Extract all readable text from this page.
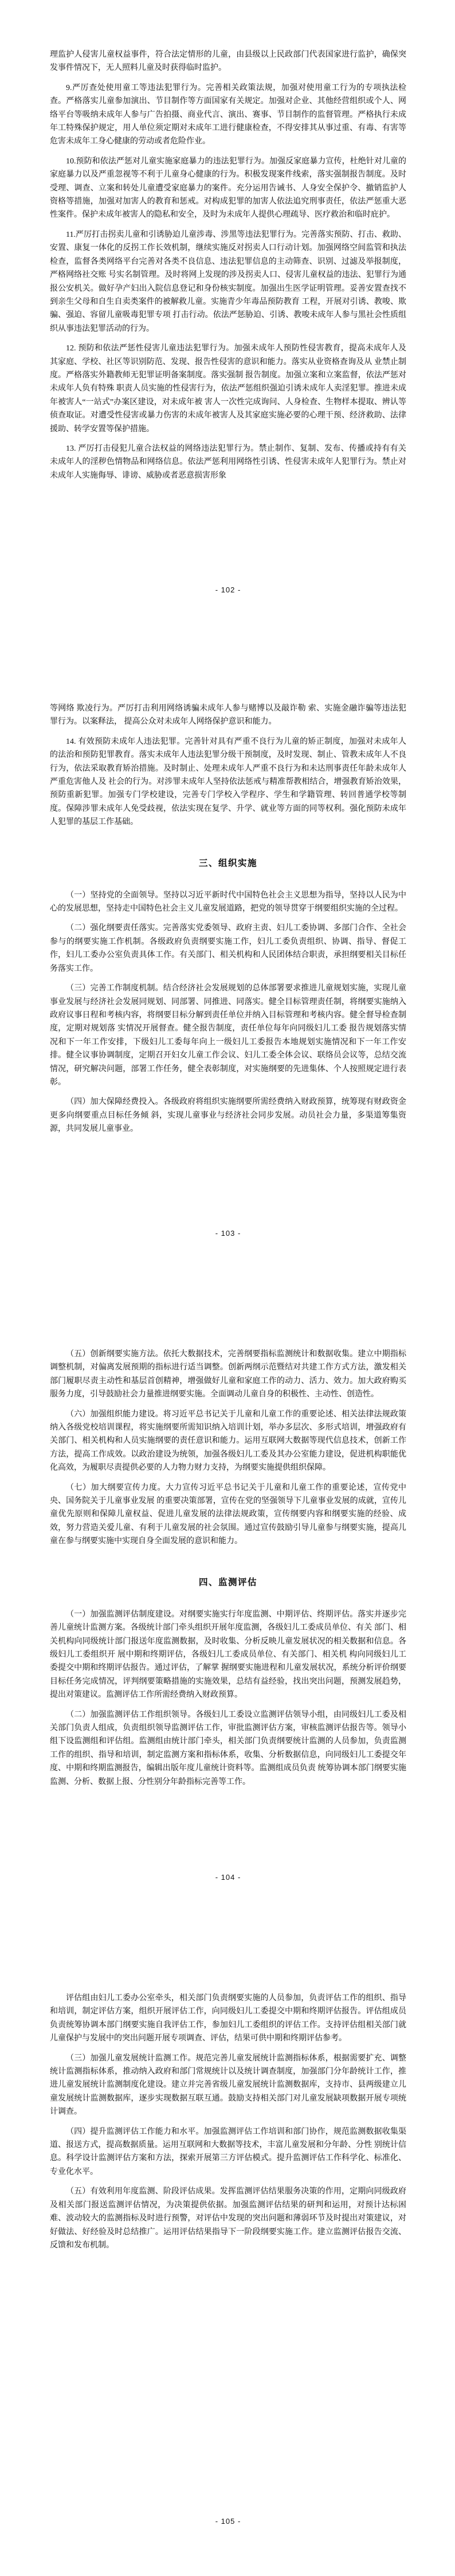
理监护人侵害儿童权益事件，符合法定情形的儿童，由县级以上民政部门代表国家进行监护，确保突发事件情况下，无人照料儿童及时获得临时监护。

9.严厉查处使用童工等违法犯罪行为。完善相关政策法规，加强对使用童工行为的专项执法检查。严格落实儿童参加演出、节目制作等方面国家有关规定。加强对企业、其他经营组织或个人、网络平台等吸纳未成年人参与广告拍摄、商业代言、演出、赛事、节目制作的监督管理。严格执行未成年工特殊保护规定，用人单位须定期对未成年工进行健康检查，不得安排其从事过重、有毒、有害等危害未成年工身心健康的劳动或者危险作业。

10.预防和依法严惩对儿童实施家庭暴力的违法犯罪行为。加强反家庭暴力宣传，杜绝针对儿童的家庭暴力以及严重忽视等不利于儿童身心健康的行为。积极发现案件线索，落实强制报告制度。及时受理、调查、立案和转处儿童遭受家庭暴力的案件。充分运用告诫书、人身安全保护令、撤销监护人资格等措施，加强对加害人的教育和惩戒。对构成犯罪的加害人依法追究刑事责任，依法严惩重大恶性案件。保护未成年被害人的隐私和安全，及时为未成年人提供心理疏导、医疗救治和临时庇护。

11.严厉打击拐卖儿童和引诱胁迫儿童涉毒、涉黑等违法犯罪行为。完善落实预防、打击、救助、安置、康复一体化的反拐工作长效机制，继续实施反对拐卖人口行动计划。加强网络空间监管和执法检查，监督各类网络平台完善对各类不良信息、违法犯罪信息的主动筛查、识别、过滤及举报制度，严格网络社交账 号实名制管理。及时将网上发现的涉及拐卖人口、侵害儿童权益的违法、犯罪行为通报公安机关。做好孕产妇出入院信息登记和身份核实制度。加强出生医学证明管理。妥善安置查找不到亲生父母和自生自卖类案件的被解救儿童。实施青少年毒品预防教育 工程，开展对引诱、教唆、欺骗、强迫、容留儿童吸毒犯罪专项 打击行动。依法严惩胁迫、引诱、教唆未成年人参与黑社会性质组织从事违法犯罪活动的行为。

12. 预防和依法严惩性侵害儿童违法犯罪行为。加强未成年人预防性侵害教育，提高未成年人及其家庭、学校、社区等识别防范、发现、报告性侵害的意识和能力。落实从业资格查询及从 业禁止制度。严格落实外籍教师无犯罪证明备案制度。落实强制 报告制度。加强立案和立案监督，依法严惩对未成年人负有特殊 职责人员实施的性侵害行为，依法严惩组织强迫引诱未成年人卖淫犯罪。推进未成年被害人“一站式”办案区建设，对未成年被 害人一次性完成询问、人身检查、生物样本提取、辨认等侦查取证。对遭受性侵害或暴力伤害的未成年被害人及其家庭实施必要的心理干预、经济救助、法律援助、转学安置等保护措施。

13. 严厉打击侵犯儿童合法权益的网络违法犯罪行为。禁止制作、复制、发布、传播或持有有关未成年人的淫秽色情物品和网络信息。依法严惩利用网络性引诱、性侵害未成年人犯罪行为。禁止对未成年人实施侮辱、诽谤、威胁或者恶意损害形象

- 102 -

等网络 欺凌行为。严厉打击利用网络诱骗未成年人参与赌博以及敲诈勒 索、实施金融诈骗等违法犯罪行为。以案释法， 提高公众对未成年人网络保护意识和能力。

14. 有效预防未成年人违法犯罪。完善针对具有严重不良行为儿童的矫正制度，加强对未成年人的法治和预防犯罪教育。落实未成年人违法犯罪分级干预制度，及时发现、制止、管教未成年人不良行为，依法采取教育矫治措施。及时制止、处理未成年人严重不良行为和未达刑事责任年龄未成年人严重危害他人及 社会的行为。对涉罪未成年人坚持依法惩戒与精准帮教相结合，增强教育矫治效果，预防重新犯罪。加强专门学校建设，完善专门学校入学程序、学生和学籍管理、转回普通学校等制度。保障涉罪未成年人免受歧视，依法实现在复学、升学、就业等方面的同等权利。强化预防未成年人犯罪的基层工作基础。

三、组织实施

（一）坚持党的全面领导。坚持以习近平新时代中国特色社会主义思想为指导，坚持以人民为中心的发展思想，坚持走中国特色社会主义儿童发展道路，把党的领导贯穿于纲要组织实施的全过程。

（二）强化纲要责任落实。完善落实党委领导、政府主责、妇儿工委协调、多部门合作、全社会参与的纲要实施工作机制。各级政府负责纲要实施工作，妇儿工委负责组织、协调、指导、督促工作，妇儿工委办公室负责具体工作。有关部门、相关机构和人民团体结合职责，承担纲要相关目标任务落实工作。

（三）完善工作制度机制。结合经济社会发展规划的总体部署要求推进儿童规划实施，实现儿童事业发展与经济社会发展同规划、同部署、同推进、同落实。健全目标管理责任制，将纲要实施纳入政府议事日程和考核内容，将纲要目标分解到责任单位并纳入目标管理和考核内容。健全督导检查制度，定期对规划落 实情况开展督查。健全报告制度，责任单位每年向同级妇儿工委 报告规划落实情况和下一年工作安排，下级妇儿工委每年向上一级妇儿工委报告本地规划实施情况和下一年工作安排。健全议事协调制度，定期召开妇女儿童工作会议、妇儿工委全体会议、联络员会议等，总结交流情况，研究解决问题，部署工作任务，健全表彰制度，对实施纲要的先进集体、个人按照规定进行表彰。

（四）加大保障经费投入。各级政府将组织实施纲要所需经费纳入财政预算，统筹现有财政资金更多向纲要重点目标任务倾 斜，实现儿童事业与经济社会同步发展。动员社会力量，多渠道筹集资源，共同发展儿童事业。

- 103 -

（五）创新纲要实施方法。依托大数据技术，完善纲要指标监测统计和数据收集。建立中期指标调整机制，对偏离发展预期的指标进行适当调整。创新两纲示范暨结对共建工作方式方法，激发相关部门履职尽责主动性和基层首创精神，增强做好儿童和家庭工作的动力、活力、效力。加大政府购买服务力度，引导鼓励社会力量推进纲要实施。全面调动儿童自身的积极性、主动性、创造性。

（六）加强组织能力建设。将习近平总书记关于儿童和儿童工作的重要论述、相关法律法规政策纳入各级党校培训课程，将实施纲要所需知识纳入培训计划，举办多层次、多形式培训，增强政府有关部门、相关机构和人员实施纲要的责任意识和能力。运用互联网大数据等现代信息技术，创新工作方法，提高工作成效。以政治建设为统领，加强各级妇儿工委及其办公室能力建设，促进机构职能优化高效，为履职尽责提供必要的人力物力财力支持，为纲要实施提供组织保障。

（七）加大纲要宣传力度。大力宣传习近平总书记关于儿童和儿童工作的重要论述，宣传党中央、国务院关于儿童事业发展 的重要决策部署，宣传在党的坚强领导下儿童事业发展的成就，宣传儿童优先原则和保障儿童权益、促进儿童发展的法律法规政策，宣传纲要内容和纲要实施的经验、成效，努力营造关爱儿童、有利于儿童发展的社会氛围。通过宣传鼓励引导儿童参与纲要实施，提高儿童在参与纲要实施中实现自身全面发展的意识和能力。

四、监测评估

（一）加强监测评估制度建设。对纲要实施实行年度监测、中期评估、终期评估。落实并逐步完善儿童统计监测方案。各级统计部门牵头组织开展年度监测，各级妇儿工委成员单位、有关 部门、相关机构向同级统计部门报送年度监测数据，及时收集、分析反映儿童发展状况的相关数据和信息。各级妇儿工委组织开 展中期和终期评估，各级妇儿工委成员单位、有关部门、相关机 构向同级妇儿工委提交中期和终期评估报告。通过评估，了解掌 握纲要实施进程和儿童发展状况，系统分析评价纲要目标任务完成情况，评判纲要策略措施的实施效果，总结有益经验，找出突出问题，预测发展趋势，提出对策建议。监测评估工作所需经费纳入财政预算。

（二）加强监测评估工作组织领导。各级妇儿工委设立监测评估领导小组，由同级妇儿工委及相关部门负责人组成，负责组织领导监测评估工作，审批监测评估方案，审核监测评估报告等。领导小组下设监测组和评估组。监测组由统计部门牵头，相关部门负责纲要统计监测的人员参加，负责监测工作的组织、指导和培训，制定监测方案和指标体系，收集、分析数据信息，向同级妇儿工委提交年度、中期和终期监测报告，编辑出版年度儿童统计资料等。监测组成员负责 统筹协调本部门纲要实施监测、分析、数据上报、分性别分年龄指标完善等工作。

- 104 -

评估组由妇儿工委办公室牵头，相关部门负责纲要实施的人员参加，负责评估工作的组织、指导和培训，制定评估方案，组织开展评估工作，向同级妇儿工委提交中期和终期评估报告。评估组成员负责统筹协调本部门纲要实施自我评估工作，参加妇儿工委组织的评估工作。支持评估组相关部门就儿童保护与发展中的突出问题开展专项调查、评估，结果可供中期和终期评估参考。

（三）加强儿童发展统计监测工作。规范完善儿童发展统计监测指标体系，根据需要扩充、调整统计监测指标体系，推动纳入政府和部门常规统计以及统计调查制度，加强部门分年龄统计工作，推进儿童发展统计监测制度化建设。建立并完善省级儿童发展统计监测数据库，支持市、县两级建立儿童发展统计监测数据库，逐步实现数据互联互通。鼓励支持相关部门对儿童发展缺项数据开展专项统计调查。

（四）提升监测评估工作能力和水平。加强监测评估工作培训和部门协作，规范监测数据收集渠道、报送方式，提高数据质量。运用互联网和大数据等技术，丰富儿童发展和分年龄、分性 别统计信息。科学设计监测评估方案和方法，探索开展第三方评估模式。提升监测评估工作科学化、标准化、专业化水平。

（五）有效利用年度监测、阶段评估成果。发挥监测评估结果服务决策的作用，定期向同级政府及相关部门报送监测评估情况，为决策提供依据。加强监测评估结果的研判和运用，对预计达标困难、波动较大的监测指标及时进行预警，对评估中发现的突出问题和薄弱环节及时提出对策建议，对好做法、好经验及时总结推广。运用评估结果指导下一阶段纲要实施工作。建立监测评估报告交流、反馈和发布机制。

- 105 -
